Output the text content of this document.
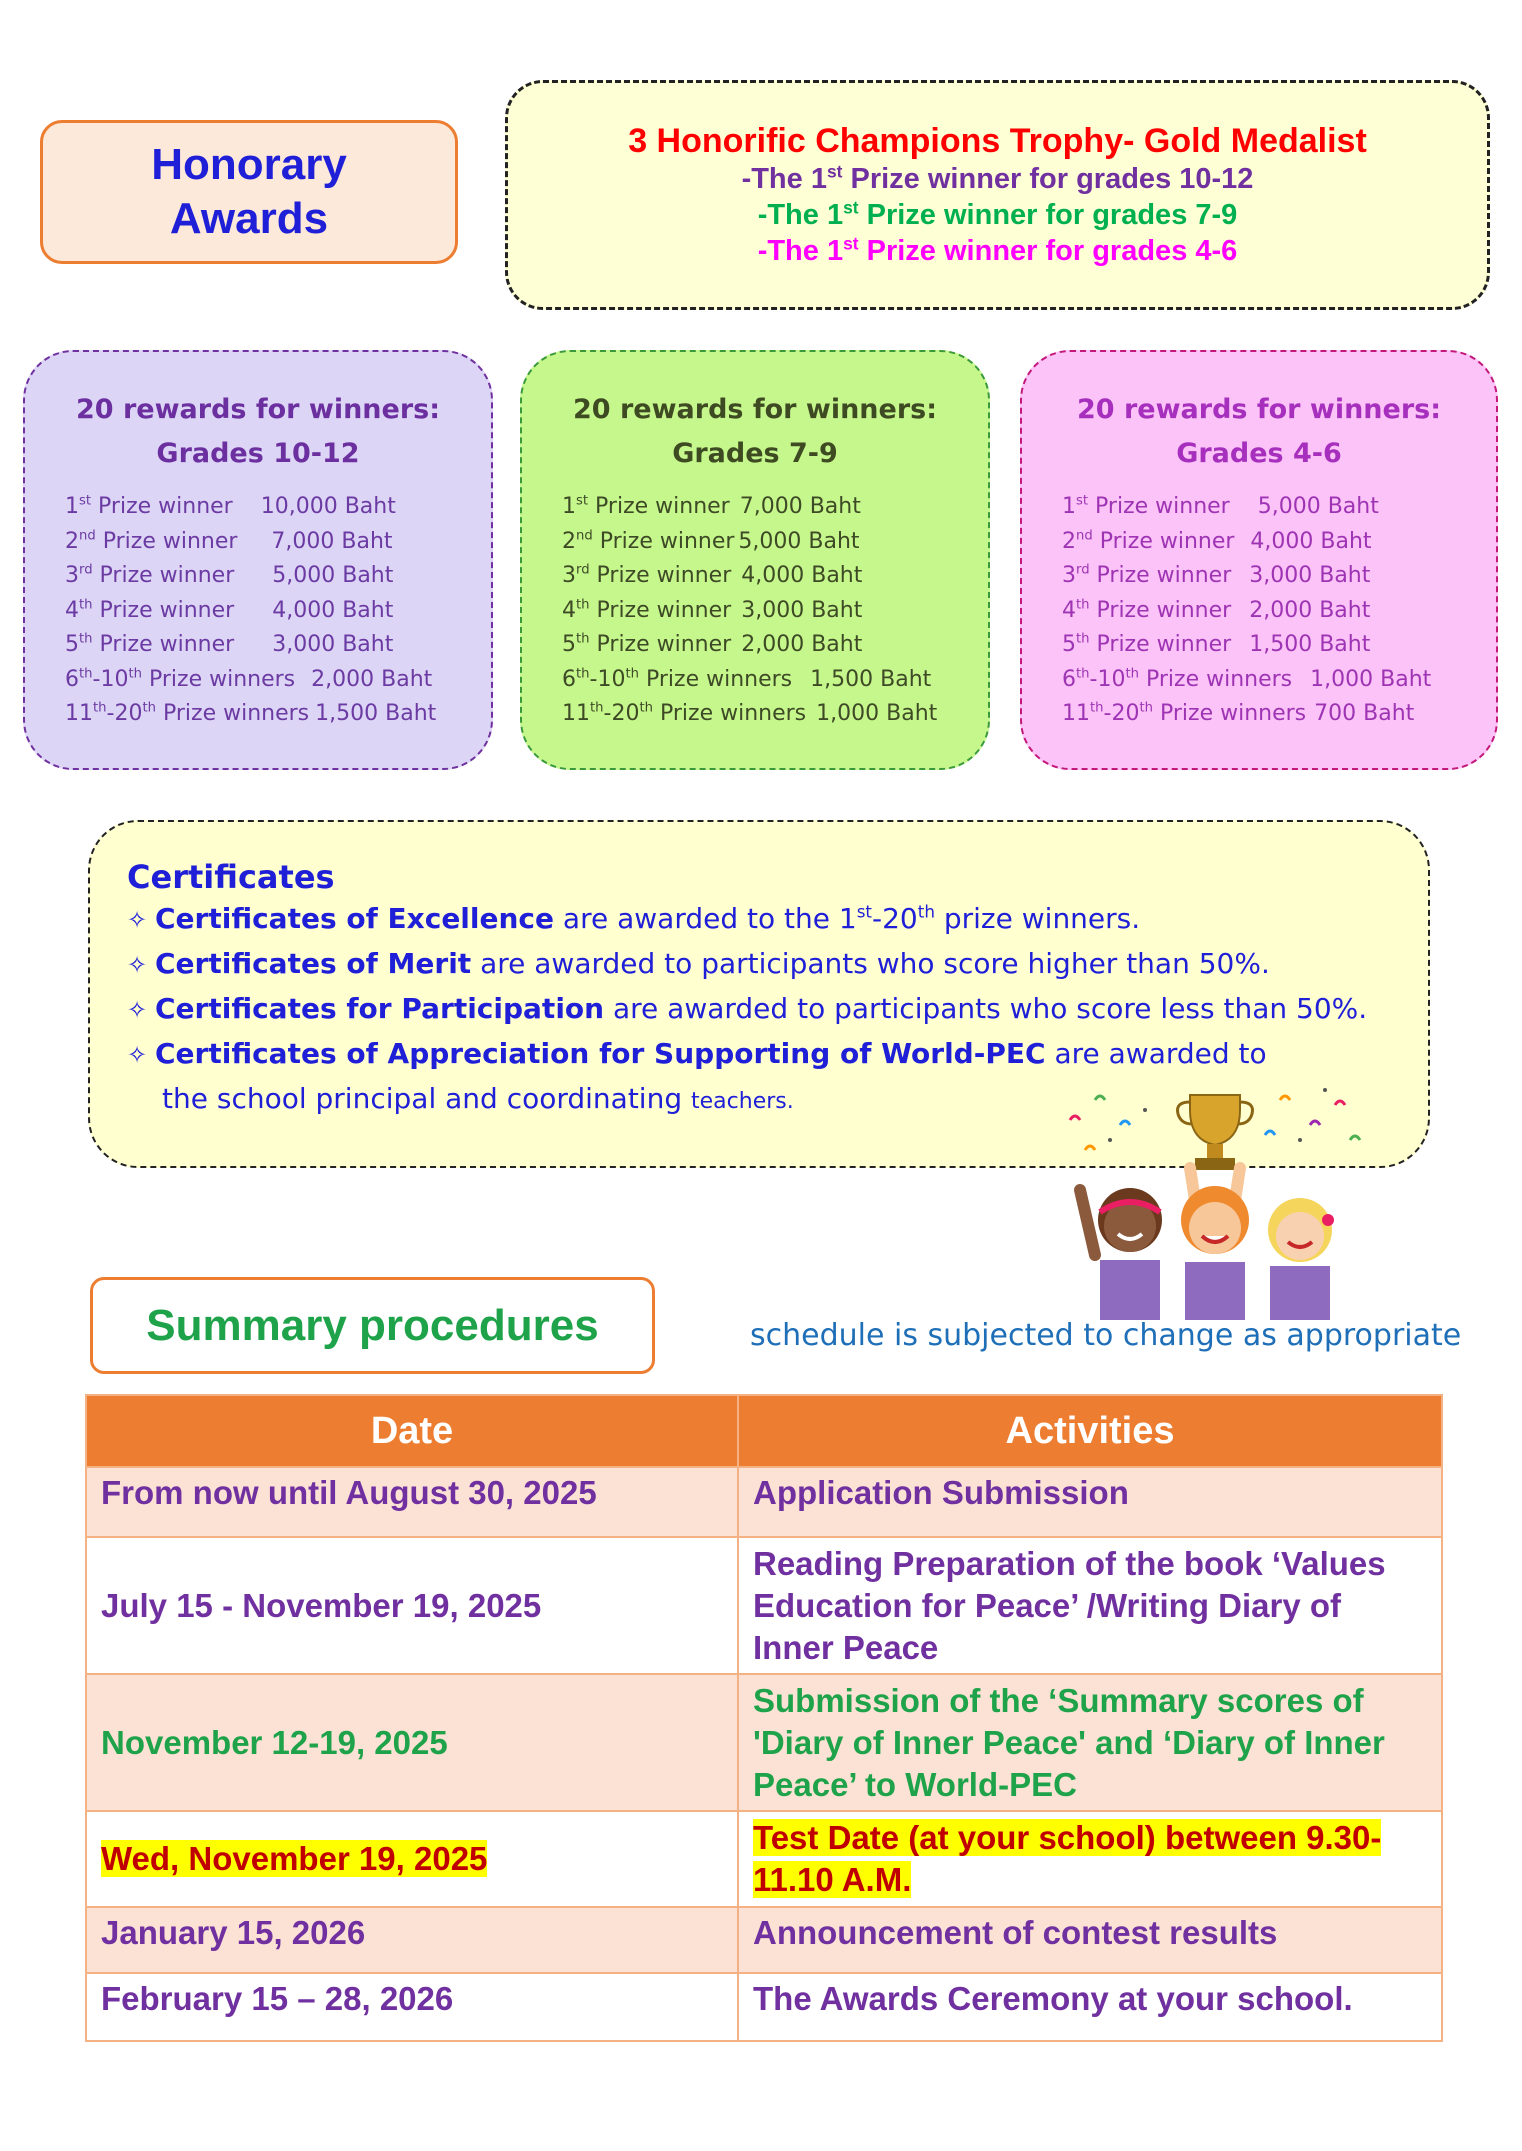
Honorary
Awards
3 Honorific Champions Trophy- Gold Medalist
-The 1st Prize winner for grades 10-12
-The 1st Prize winner for grades 7-9
-The 1st Prize winner for grades 4-6
20 rewards for winners:
Grades 10-12
1st Prize winner 10,000 Baht
2nd Prize winner 7,000 Baht
3rd Prize winner 5,000 Baht
4th Prize winner 4,000 Baht
5th Prize winner 3,000 Baht
6th-10th Prize winners 2,000 Baht
11th-20th Prize winners 1,500 Baht
20 rewards for winners:
Grades 7-9
1st Prize winner 7,000 Baht
2nd Prize winner 5,000 Baht
3rd Prize winner 4,000 Baht
4th Prize winner 3,000 Baht
5th Prize winner 2,000 Baht
6th-10th Prize winners 1,500 Baht
11th-20th Prize winners 1,000 Baht
20 rewards for winners:
Grades 4-6
1st Prize winner 5,000 Baht
2nd Prize winner 4,000 Baht
3rd Prize winner 3,000 Baht
4th Prize winner 2,000 Baht
5th Prize winner 1,500 Baht
6th-10th Prize winners 1,000 Baht
11th-20th Prize winners 700 Baht
Certificates
✧ Certificates of Excellence are awarded to the 1st-20th prize winners.
✧ Certificates of Merit are awarded to participants who score higher than 50%.
✧ Certificates for Participation are awarded to participants who score less than 50%.
✧ Certificates of Appreciation for Supporting of World-PEC are awarded to
the school principal and coordinating teachers.
Summary procedures	schedule is subjected to change as appropriate
Date	Activities
From now until August 30, 2025	Application Submission
July 15 - November 19, 2025	Reading Preparation of the book ‘Values Education for Peace’ /Writing Diary of Inner Peace
November 12-19, 2025	Submission of the ‘Summary scores of 'Diary of Inner Peace' and ‘Diary of Inner Peace’ to World-PEC
Wed, November 19, 2025	Test Date (at your school) between 9.30-11.10 A.M.
January 15, 2026	Announcement of contest results
February 15 – 28, 2026	The Awards Ceremony at your school.
